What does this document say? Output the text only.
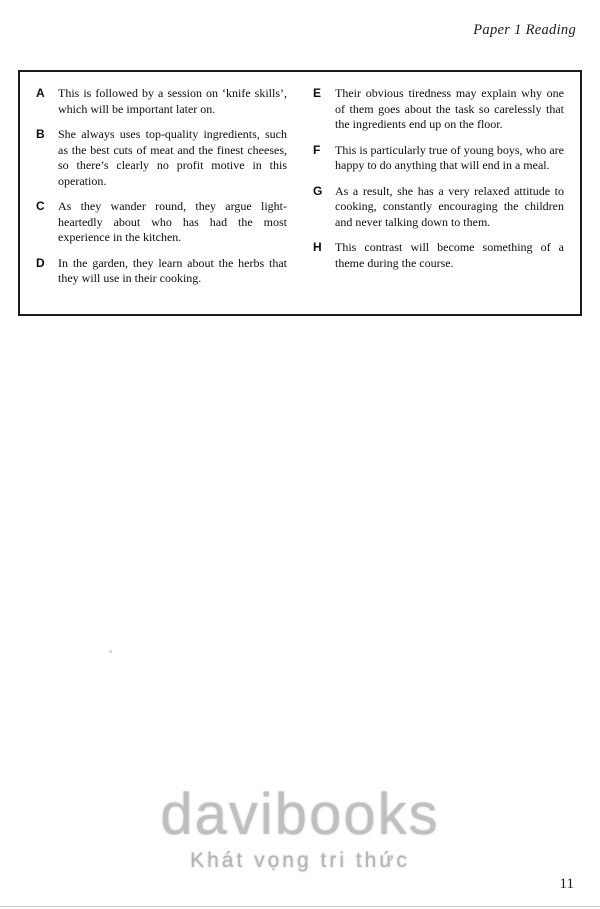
Paper 1 Reading
A	This is followed by a session on ‘knife skills’, which will be important later on.
B	She always uses top-quality ingredients, such as the best cuts of meat and the finest cheeses, so there’s clearly no profit motive in this operation.
C	As they wander round, they argue light-heartedly about who has had the most experience in the kitchen.
D	In the garden, they learn about the herbs that they will use in their cooking.
E	Their obvious tiredness may explain why one of them goes about the task so carelessly that the ingredients end up on the floor.
F	This is particularly true of young boys, who are happy to do anything that will end in a meal.
G	As a result, she has a very relaxed attitude to cooking, constantly encouraging the children and never talking down to them.
H	This contrast will become something of a theme during the course.
davibooks
Khát vọng tri thức
11
